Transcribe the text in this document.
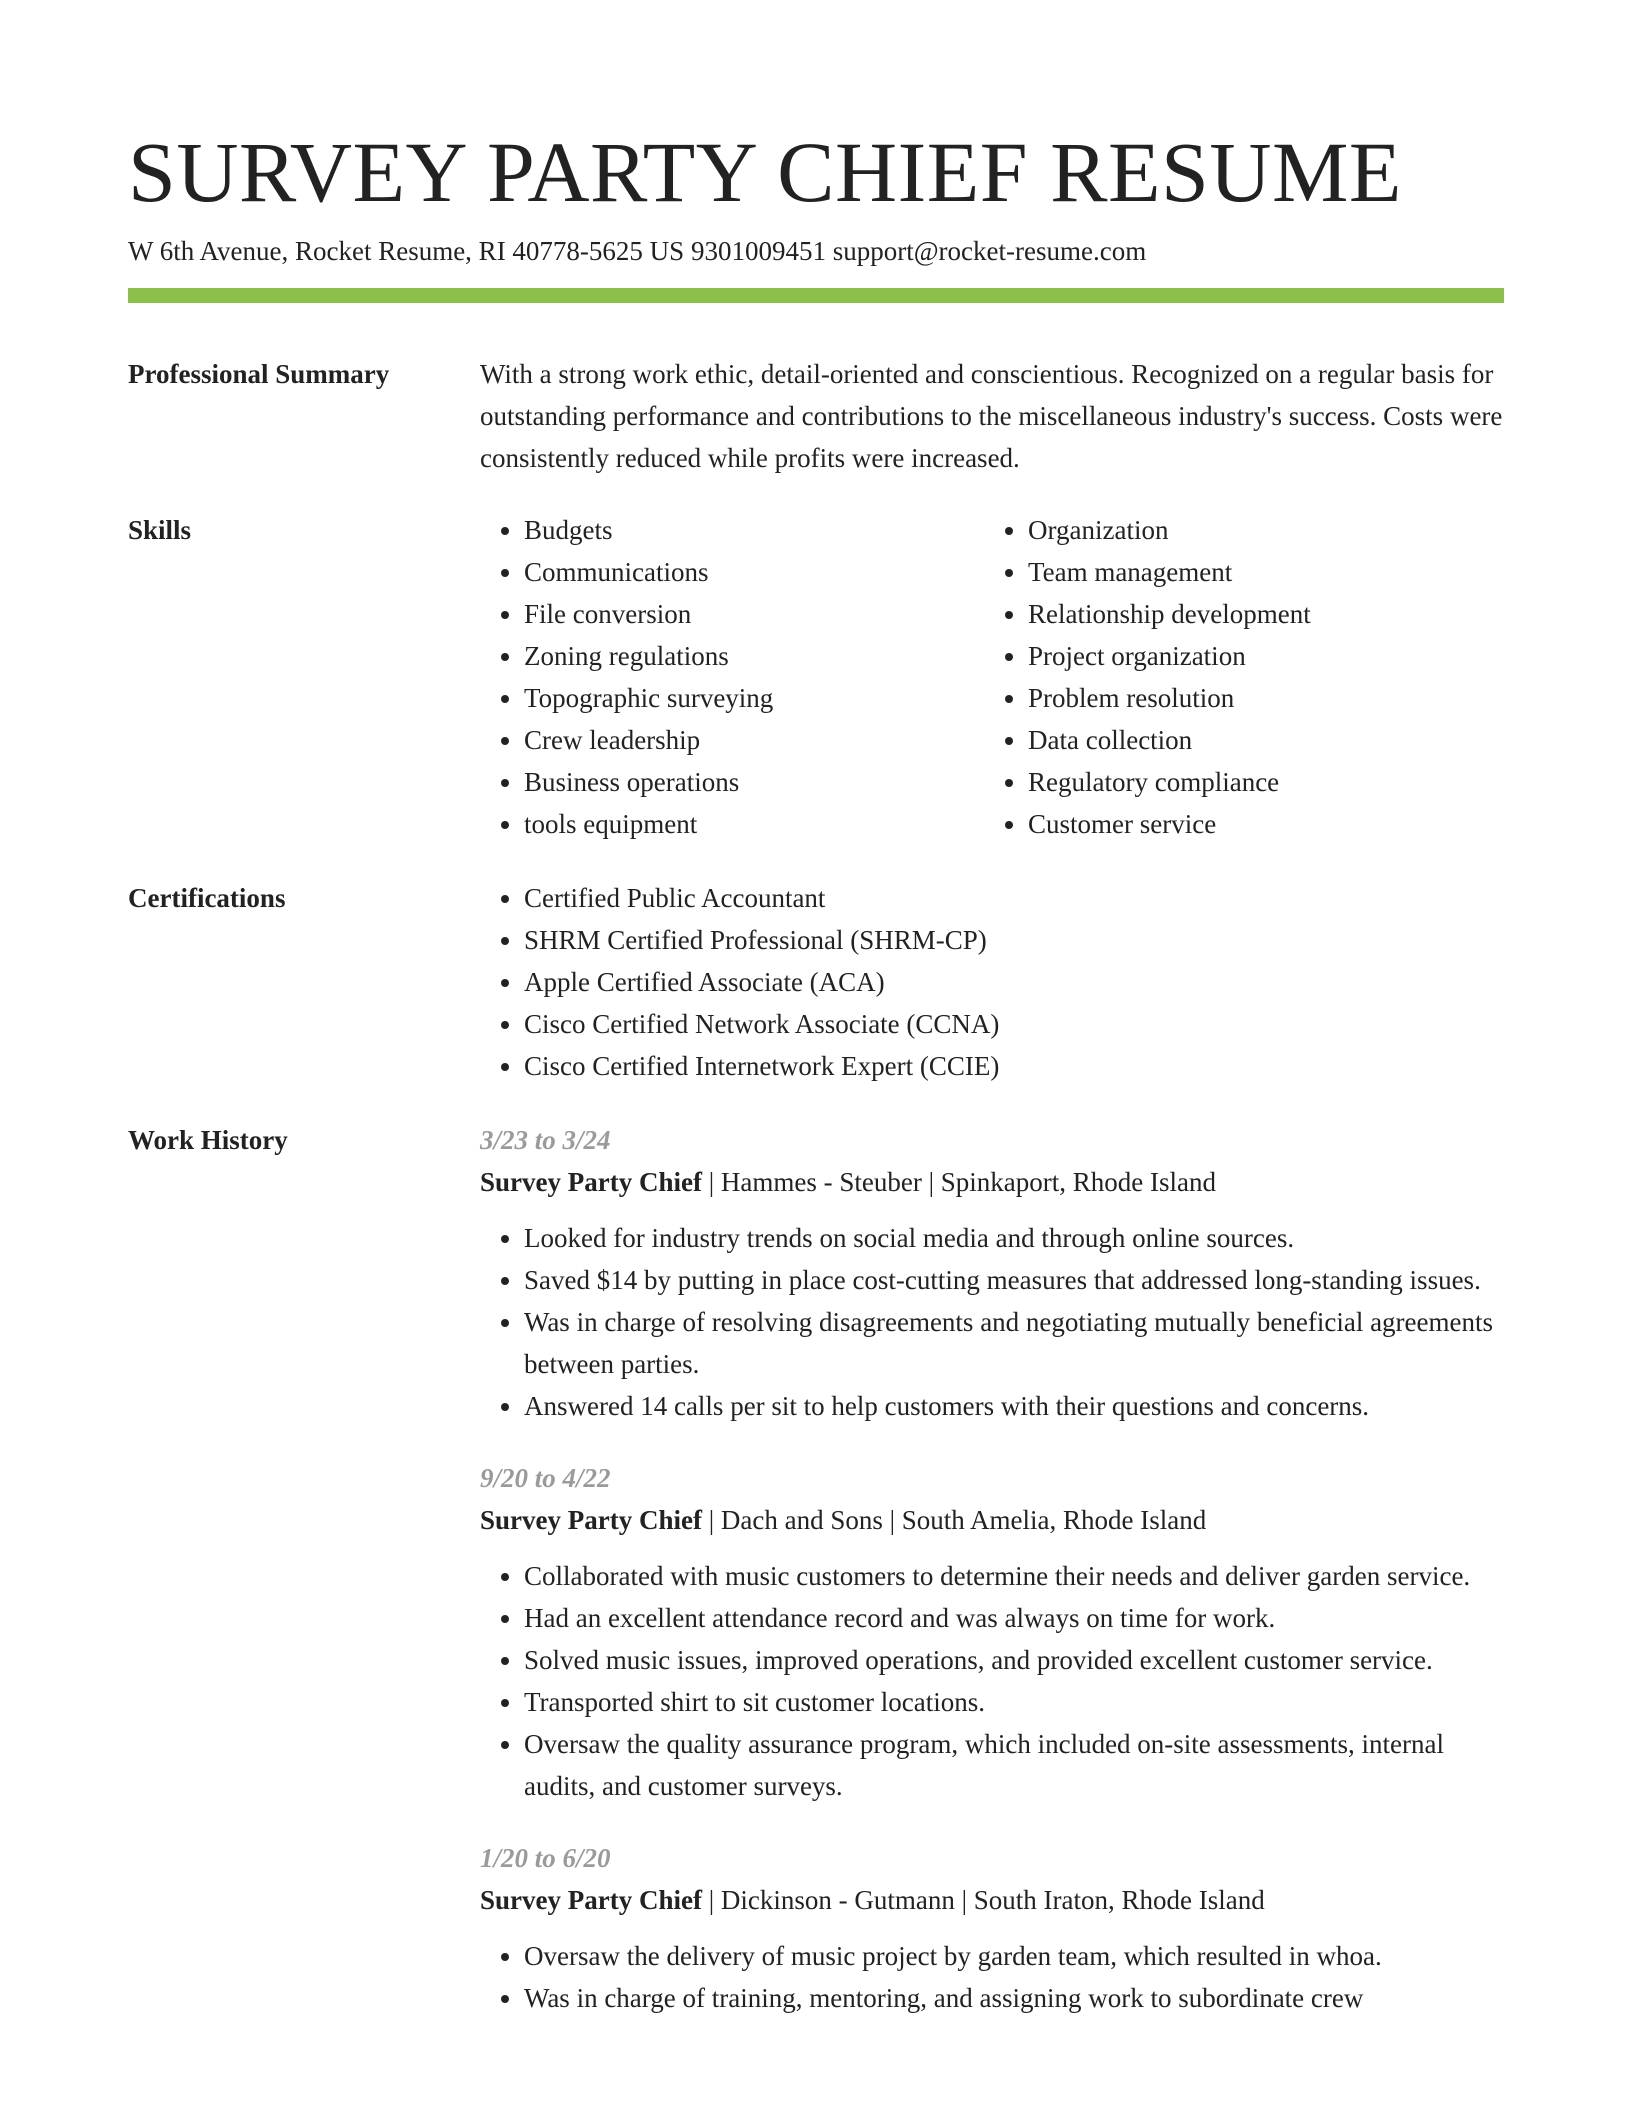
SURVEY PARTY CHIEF RESUME
W 6th Avenue, Rocket Resume, RI 40778-5625 US 9301009451 support@rocket-resume.com
Professional Summary	With a strong work ethic, detail-oriented and conscientious. Recognized on a regular basis for outstanding performance and contributions to the miscellaneous industry's success. Costs were consistently reduced while profits were increased.
Skills	• Budgets
• Communications
• File conversion
• Zoning regulations
• Topographic surveying
• Crew leadership
• Business operations
• tools equipment
• Organization
• Team management
• Relationship development
• Project organization
• Problem resolution
• Data collection
• Regulatory compliance
• Customer service
Certifications	• Certified Public Accountant
• SHRM Certified Professional (SHRM-CP)
• Apple Certified Associate (ACA)
• Cisco Certified Network Associate (CCNA)
• Cisco Certified Internetwork Expert (CCIE)
Work History	3/23 to 3/24
Survey Party Chief | Hammes - Steuber | Spinkaport, Rhode Island
• Looked for industry trends on social media and through online sources.
• Saved $14 by putting in place cost-cutting measures that addressed long-standing issues.
• Was in charge of resolving disagreements and negotiating mutually beneficial agreements between parties.
• Answered 14 calls per sit to help customers with their questions and concerns.
9/20 to 4/22
Survey Party Chief | Dach and Sons | South Amelia, Rhode Island
• Collaborated with music customers to determine their needs and deliver garden service.
• Had an excellent attendance record and was always on time for work.
• Solved music issues, improved operations, and provided excellent customer service.
• Transported shirt to sit customer locations.
• Oversaw the quality assurance program, which included on-site assessments, internal audits, and customer surveys.
1/20 to 6/20
Survey Party Chief | Dickinson - Gutmann | South Iraton, Rhode Island
• Oversaw the delivery of music project by garden team, which resulted in whoa.
• Was in charge of training, mentoring, and assigning work to subordinate crew
